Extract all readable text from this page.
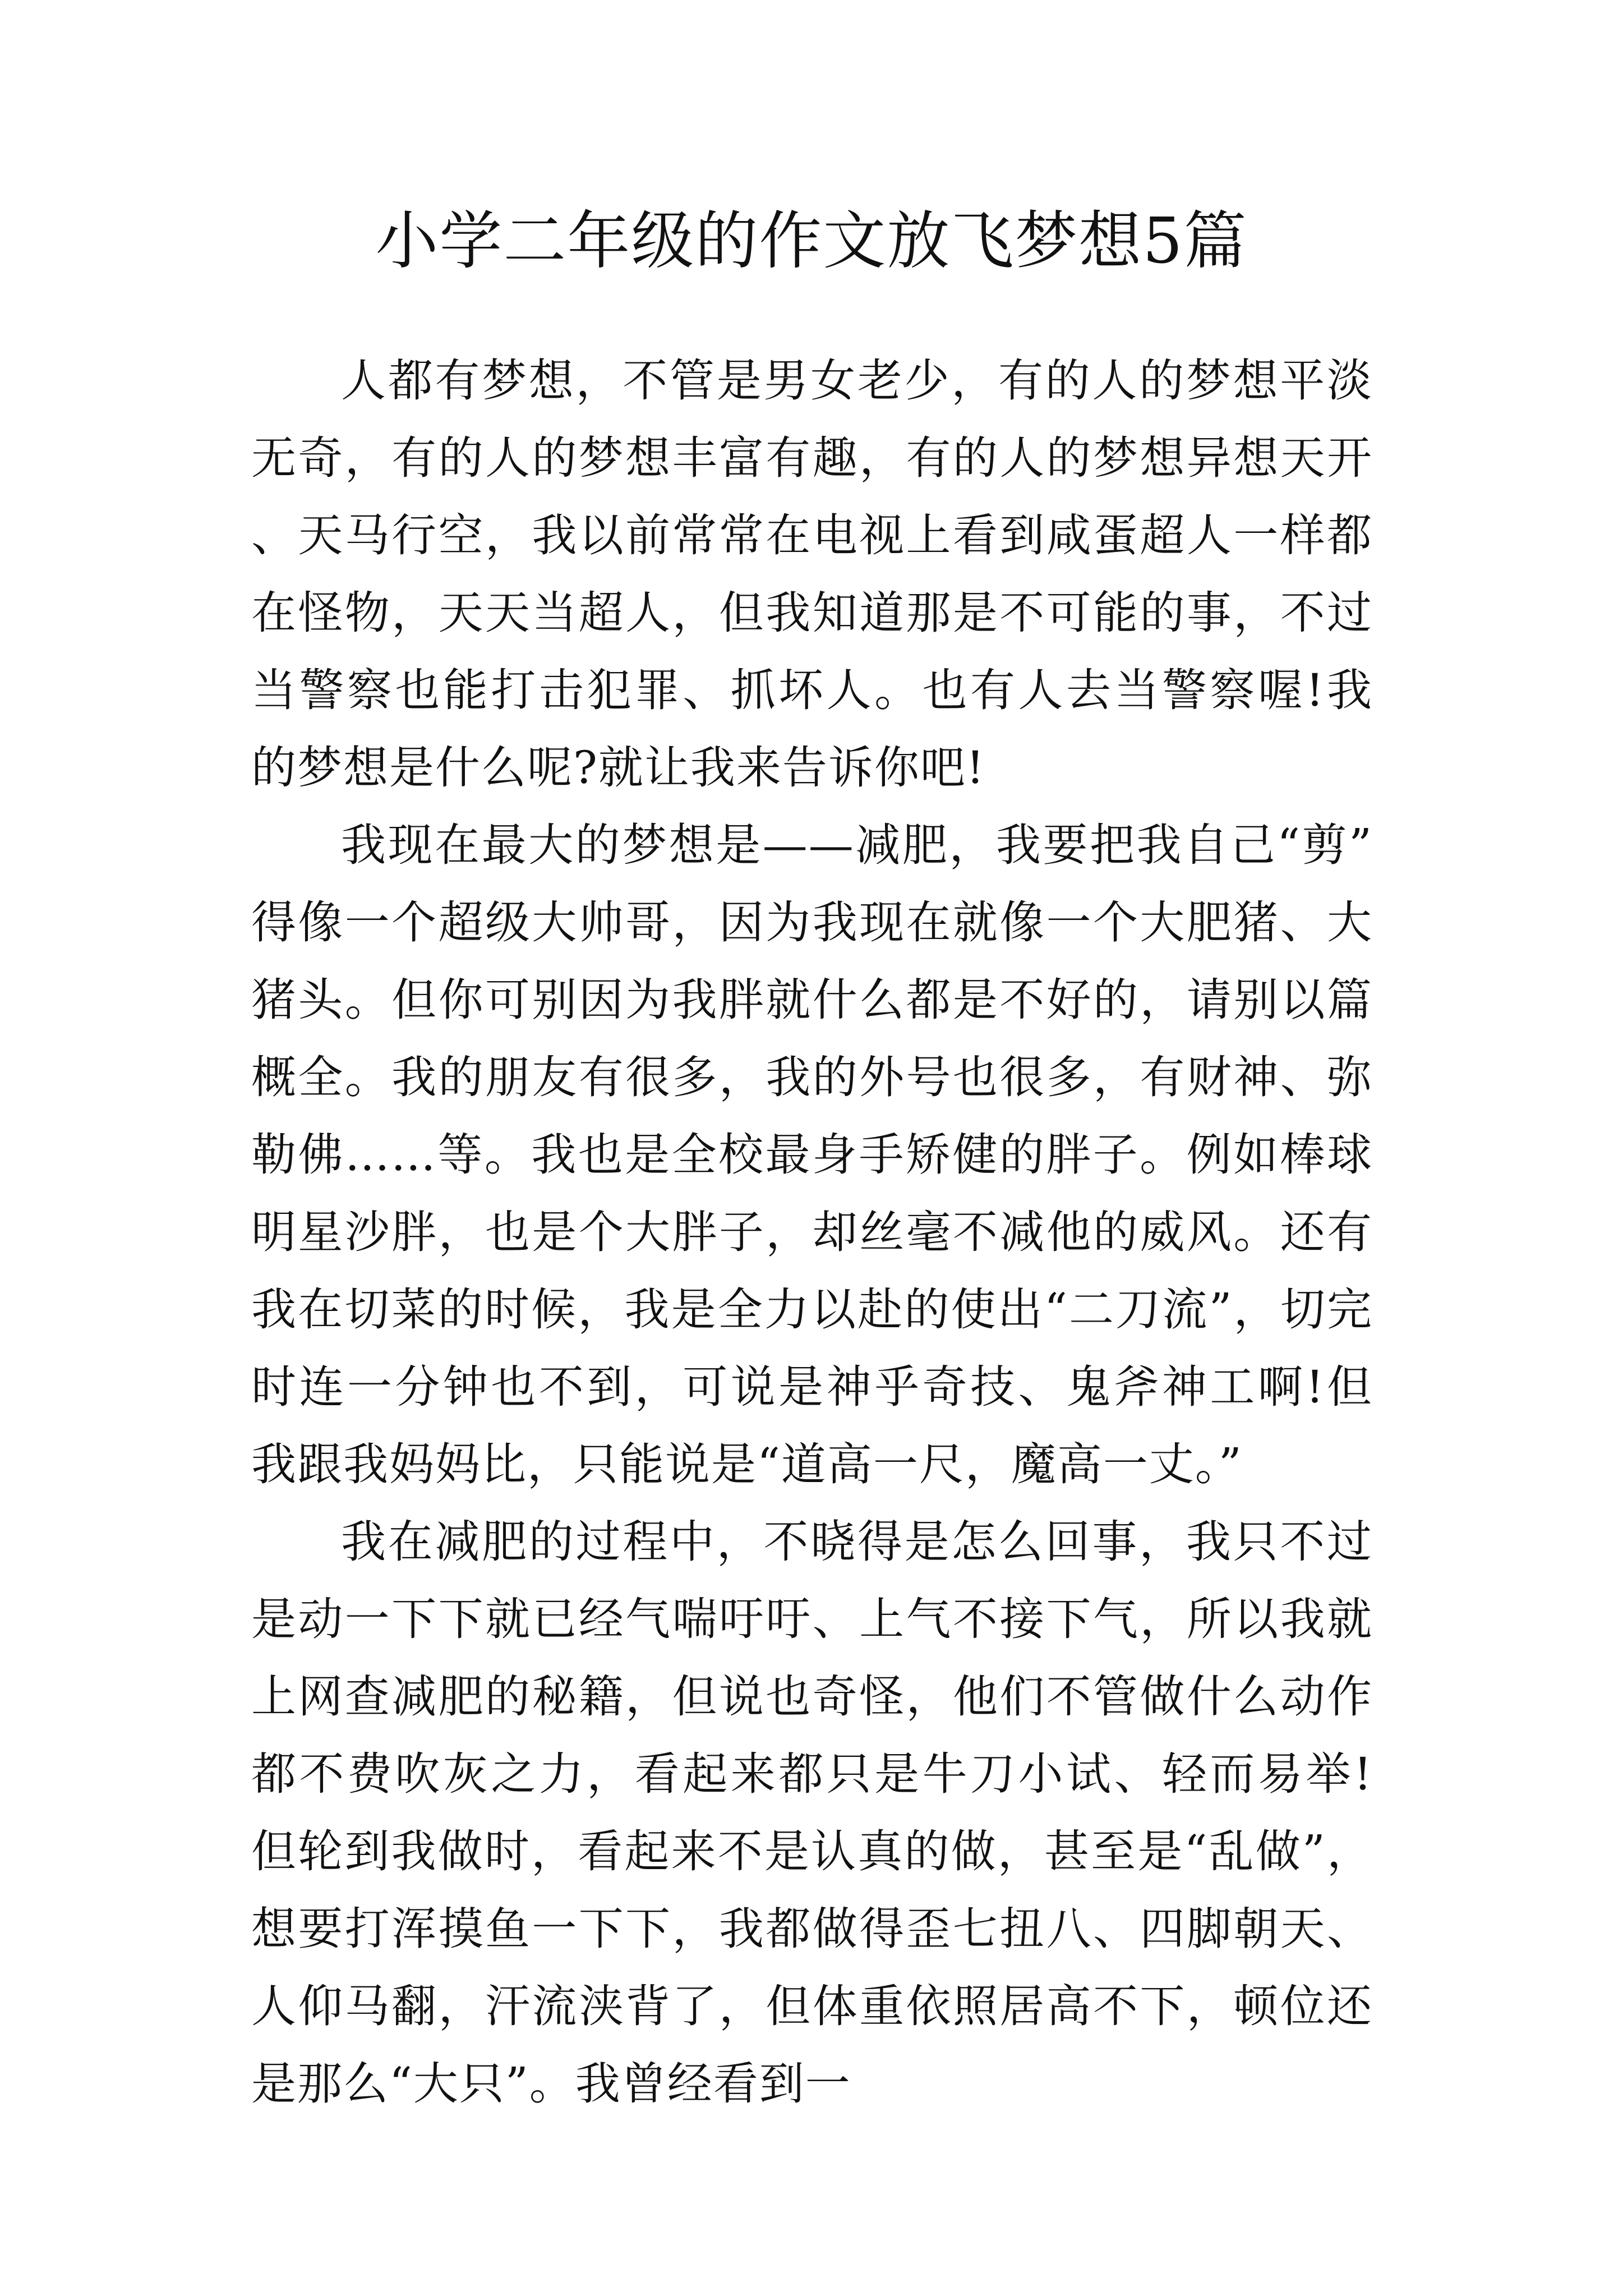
小学二年级的作文放飞梦想5篇

人都有梦想，不管是男女老少，有的人的梦想平淡无奇，有的人的梦想丰富有趣，有的人的梦想异想天开、天马行空，我以前常常在电视上看到咸蛋超人一样都在怪物，天天当超人，但我知道那是不可能的事，不过当警察也能打击犯罪、抓坏人。也有人去当警察喔!我的梦想是什么呢?就让我来告诉你吧!

我现在最大的梦想是——减肥，我要把我自己“剪”得像一个超级大帅哥，因为我现在就像一个大肥猪、大猪头。但你可别因为我胖就什么都是不好的，请别以篇概全。我的朋友有很多，我的外号也很多，有财神、弥勒佛……等。我也是全校最身手矫健的胖子。例如棒球明星沙胖，也是个大胖子，却丝毫不减他的威风。还有我在切菜的时候，我是全力以赴的使出“二刀流”，切完时连一分钟也不到，可说是神乎奇技、鬼斧神工啊!但我跟我妈妈比，只能说是“道高一尺，魔高一丈。”

我在减肥的过程中，不晓得是怎么回事，我只不过是动一下下就已经气喘吁吁、上气不接下气，所以我就上网查减肥的秘籍，但说也奇怪，他们不管做什么动作都不费吹灰之力，看起来都只是牛刀小试、轻而易举!但轮到我做时，看起来不是认真的做，甚至是“乱做”，想要打浑摸鱼一下下，我都做得歪七扭八、四脚朝天、人仰马翻，汗流浃背了，但体重依照居高不下，顿位还是那么“大只”。我曾经看到一
